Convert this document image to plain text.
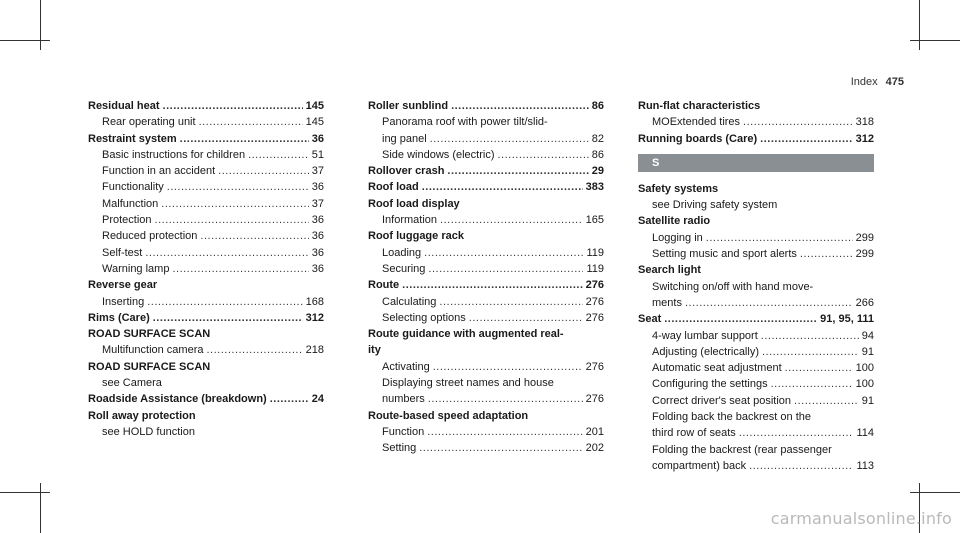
Index 475
Residual heat .....	145
Rear operating unit .....	145
Restraint system .....	36
Basic instructions for children .....	51
Function in an accident .....	37
Functionality .....	36
Malfunction .....	37
Protection .....	36
Reduced protection .....	36
Self-test .....	36
Warning lamp .....	36
Reverse gear
Inserting .....	168
Rims (Care) .....	312
ROAD SURFACE SCAN
Multifunction camera .....	218
ROAD SURFACE SCAN
see Camera
Roadside Assistance (breakdown) .....	24
Roll away protection
see HOLD function
Roller sunblind .....	86
Panorama roof with power tilt/slid-
ing panel .....	82
Side windows (electric) .....	86
Rollover crash .....	29
Roof load .....	383
Roof load display
Information .....	165
Roof luggage rack
Loading .....	119
Securing .....	119
Route .....	276
Calculating .....	276
Selecting options .....	276
Route guidance with augmented real-
ity
Activating .....	276
Displaying street names and house
numbers .....	276
Route-based speed adaptation
Function .....	201
Setting .....	202
Run-flat characteristics
MOExtended tires .....	318
Running boards (Care) .....	312
S
Safety systems
see Driving safety system
Satellite radio
Logging in .....	299
Setting music and sport alerts .....	299
Search light
Switching on/off with hand move-
ments .....	266
Seat .....	91, 95, 111
4-way lumbar support .....	94
Adjusting (electrically) .....	91
Automatic seat adjustment .....	100
Configuring the settings .....	100
Correct driver's seat position .....	91
Folding back the backrest on the
third row of seats .....	114
Folding the backrest (rear passenger
compartment) back .....	113
carmanualsonline.info
